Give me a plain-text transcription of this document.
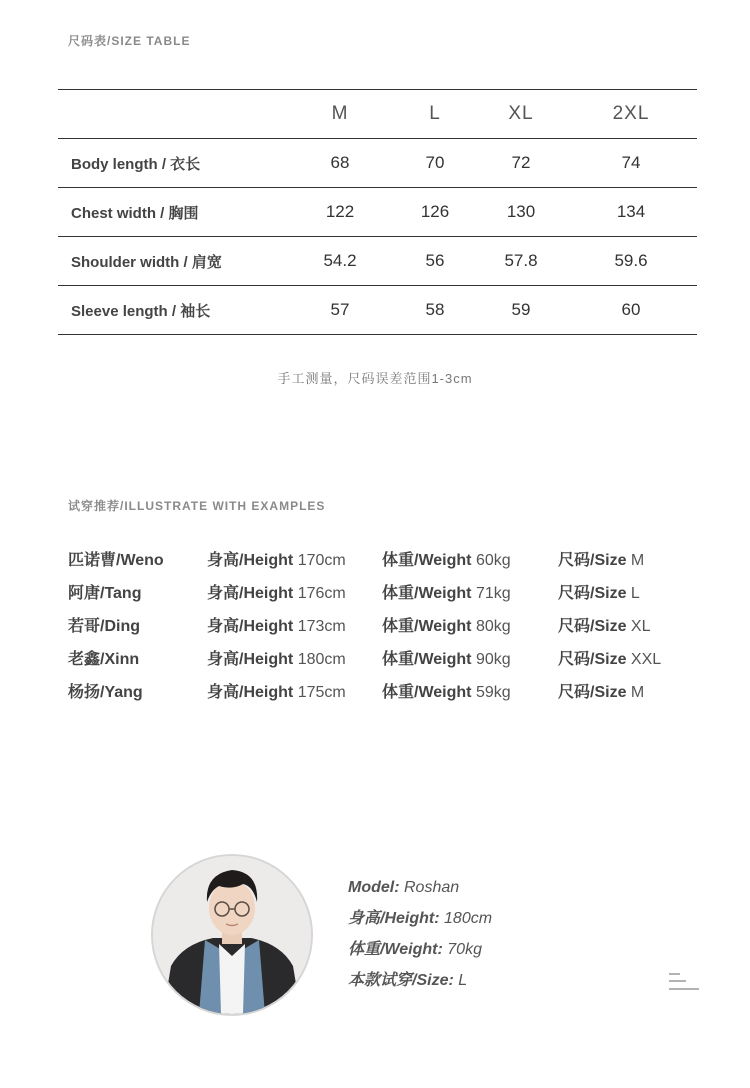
尺码表/SIZE TABLE
M	L	XL	2XL
Body length / 衣长	68	70	72	74
Chest width / 胸围	122	126	130	134
Shoulder width / 肩宽	54.2	56	57.8	59.6
Sleeve length / 袖长	57	58	59	60
手工测量，尺码误差范围1-3cm
试穿推荐/ILLUSTRATE WITH EXAMPLES
匹诺曹/Weno	身高/Height 170cm 体重/Weight 60kg	尺码/Size M
阿唐/Tang	身高/Height 176cm 体重/Weight 71kg	尺码/Size L
若哥/Ding	身高/Height 173cm 体重/Weight 80kg	尺码/Size XL
老鑫/Xinn	身高/Height 180cm 体重/Weight 90kg	尺码/Size XXL
杨扬/Yang	身高/Height 175cm 体重/Weight 59kg	尺码/Size M
Model: Roshan
身高/Height: 180cm
体重/Weight: 70kg
本款试穿/Size: L
